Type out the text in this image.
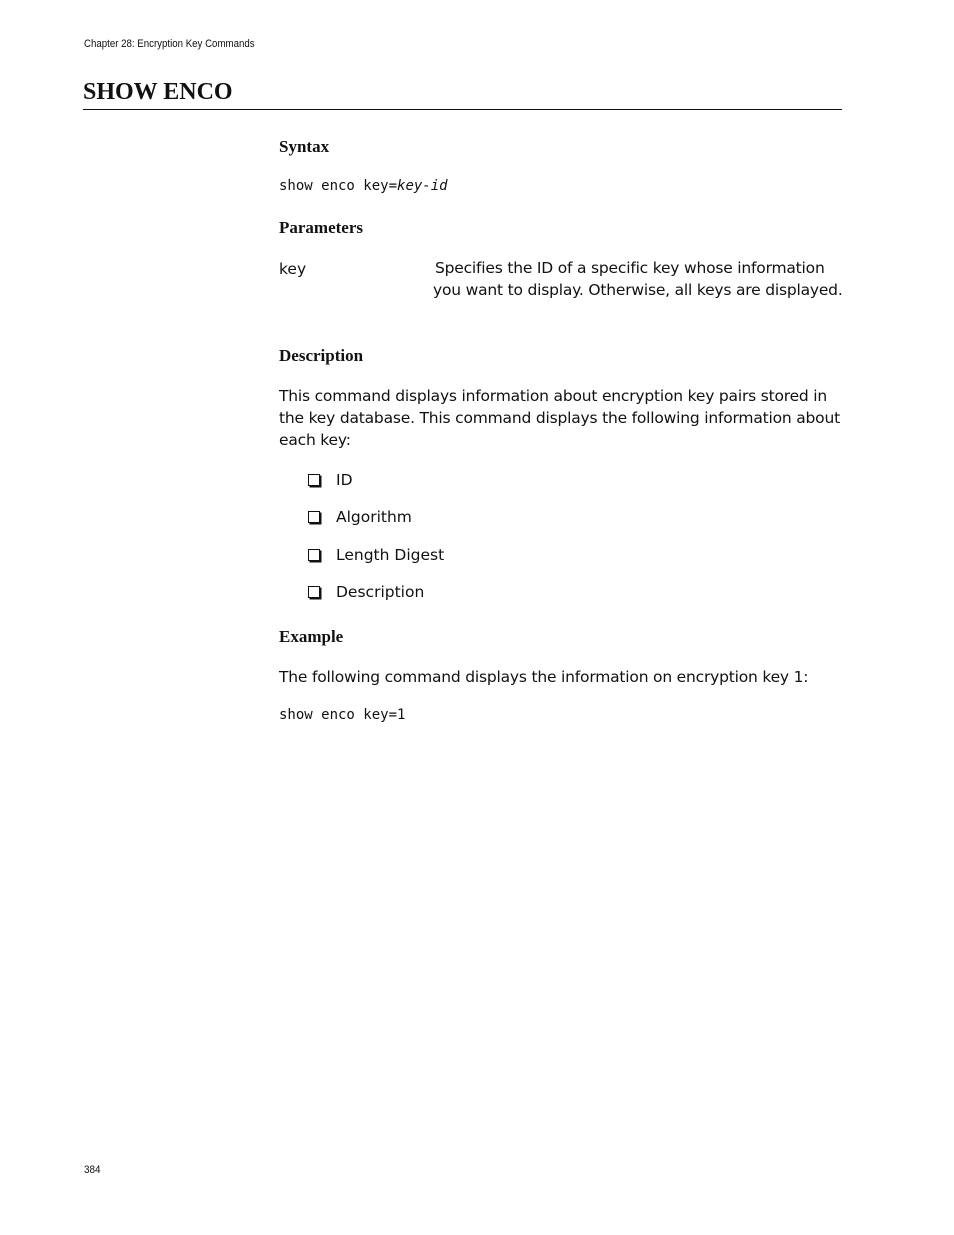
Chapter 28: Encryption Key Commands
SHOW ENCO
Syntax
show enco key=key-id
Parameters
key	Specifies the ID of a specific key whose information you want to display. Otherwise, all keys are displayed.

Description

This command displays information about encryption key pairs stored in the key database. This command displays the following information about each key:

ID
Algorithm
Length Digest
Description
Example

The following command displays the information on encryption key 1:

show enco key=1
384
